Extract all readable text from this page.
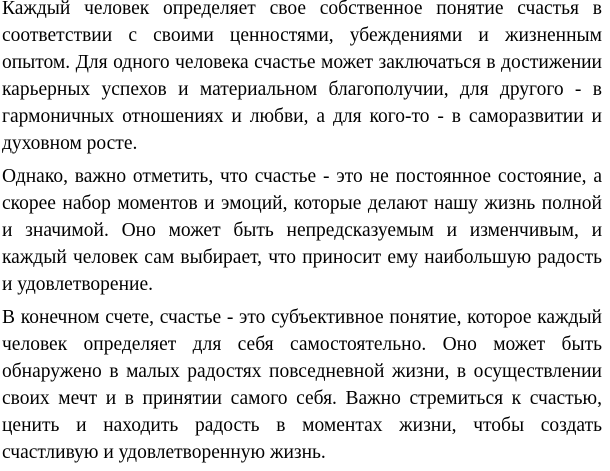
Каждый человек определяет свое собственное понятие счастья в соответствии с своими ценностями, убеждениями и жизненным опытом. Для одного человека счастье может заключаться в достижении карьерных успехов и материальном благополучии, для другого - в гармоничных отношениях и любви, а для кого-то - в саморазвитии и духовном росте.

Однако, важно отметить, что счастье - это не постоянное состояние, а скорее набор моментов и эмоций, которые делают нашу жизнь полной и значимой. Оно может быть непредсказуемым и изменчивым, и каждый человек сам выбирает, что приносит ему наибольшую радость и удовлетворение.

В конечном счете, счастье - это субъективное понятие, которое каждый человек определяет для себя самостоятельно. Оно может быть обнаружено в малых радостях повседневной жизни, в осуществлении своих мечт и в принятии самого себя. Важно стремиться к счастью, ценить и находить радость в моментах жизни, чтобы создать счастливую и удовлетворенную жизнь.
